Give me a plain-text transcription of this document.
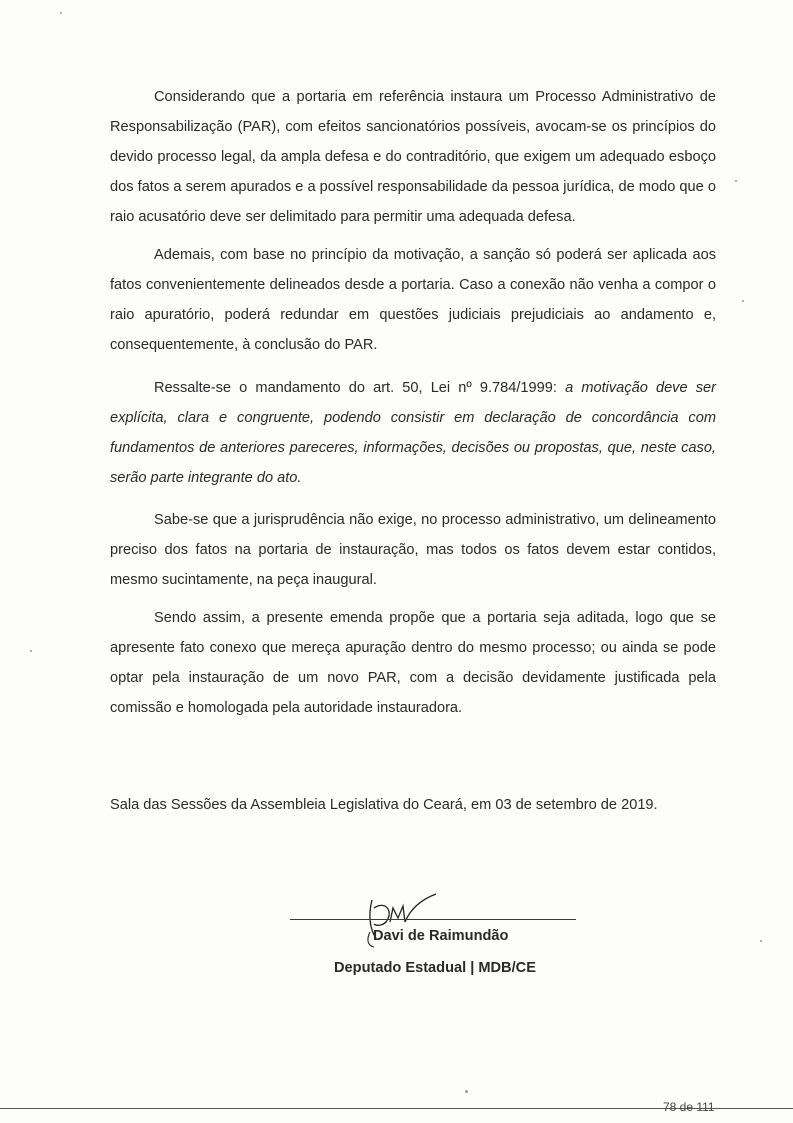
Considerando que a portaria em referência instaura um Processo Administrativo de Responsabilização (PAR), com efeitos sancionatórios possíveis, avocam-se os princípios do devido processo legal, da ampla defesa e do contraditório, que exigem um adequado esboço dos fatos a serem apurados e a possível responsabilidade da pessoa jurídica, de modo que o raio acusatório deve ser delimitado para permitir uma adequada defesa.

Ademais, com base no princípio da motivação, a sanção só poderá ser aplicada aos fatos convenientemente delineados desde a portaria. Caso a conexão não venha a compor o raio apuratório, poderá redundar em questões judiciais prejudiciais ao andamento e, consequentemente, à conclusão do PAR.

Ressalte-se o mandamento do art. 50, Lei nº 9.784/1999: a motivação deve ser explícita, clara e congruente, podendo consistir em declaração de concordância com fundamentos de anteriores pareceres, informações, decisões ou propostas, que, neste caso, serão parte integrante do ato.

Sabe-se que a jurisprudência não exige, no processo administrativo, um delineamento preciso dos fatos na portaria de instauração, mas todos os fatos devem estar contidos, mesmo sucintamente, na peça inaugural.

Sendo assim, a presente emenda propõe que a portaria seja aditada, logo que se apresente fato conexo que mereça apuração dentro do mesmo processo; ou ainda se pode optar pela instauração de um novo PAR, com a decisão devidamente justificada pela comissão e homologada pela autoridade instauradora.

Sala das Sessões da Assembleia Legislativa do Ceará, em 03 de setembro de 2019.

Davi de Raimundão
Deputado Estadual | MDB/CE
78 de 111
